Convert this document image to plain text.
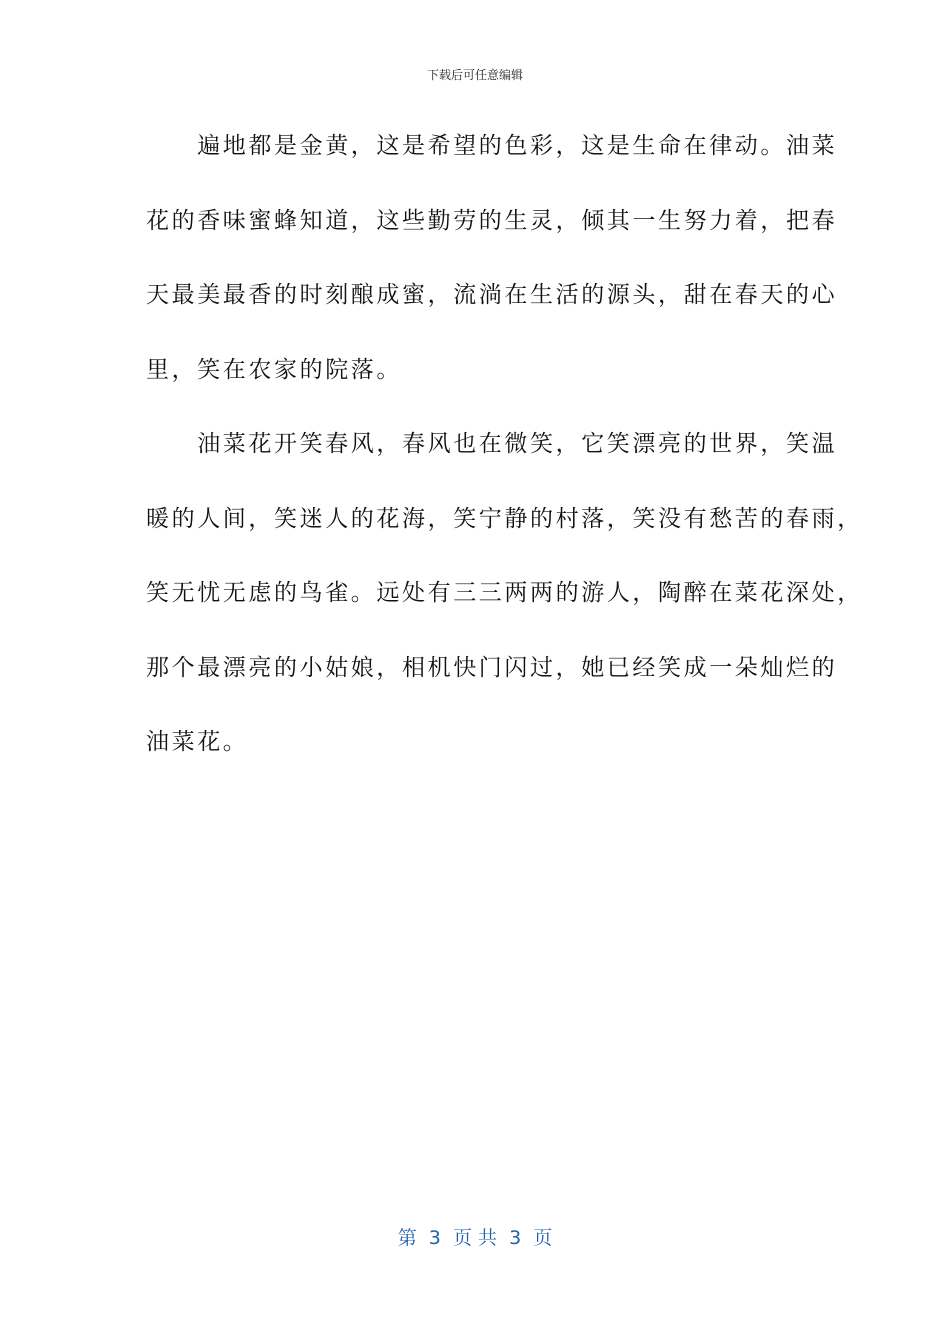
下载后可任意编辑
　　遍地都是金黄，这是希望的色彩，这是生命在律动。油菜
花的香味蜜蜂知道，这些勤劳的生灵，倾其一生努力着，把春
天最美最香的时刻酿成蜜，流淌在生活的源头，甜在春天的心
里，笑在农家的院落。
　　油菜花开笑春风，春风也在微笑，它笑漂亮的世界，笑温
暖的人间，笑迷人的花海，笑宁静的村落，笑没有愁苦的春雨，
笑无忧无虑的鸟雀。远处有三三两两的游人，陶醉在菜花深处，
那个最漂亮的小姑娘，相机快门闪过，她已经笑成一朵灿烂的
油菜花。
第  3  页 共  3  页
